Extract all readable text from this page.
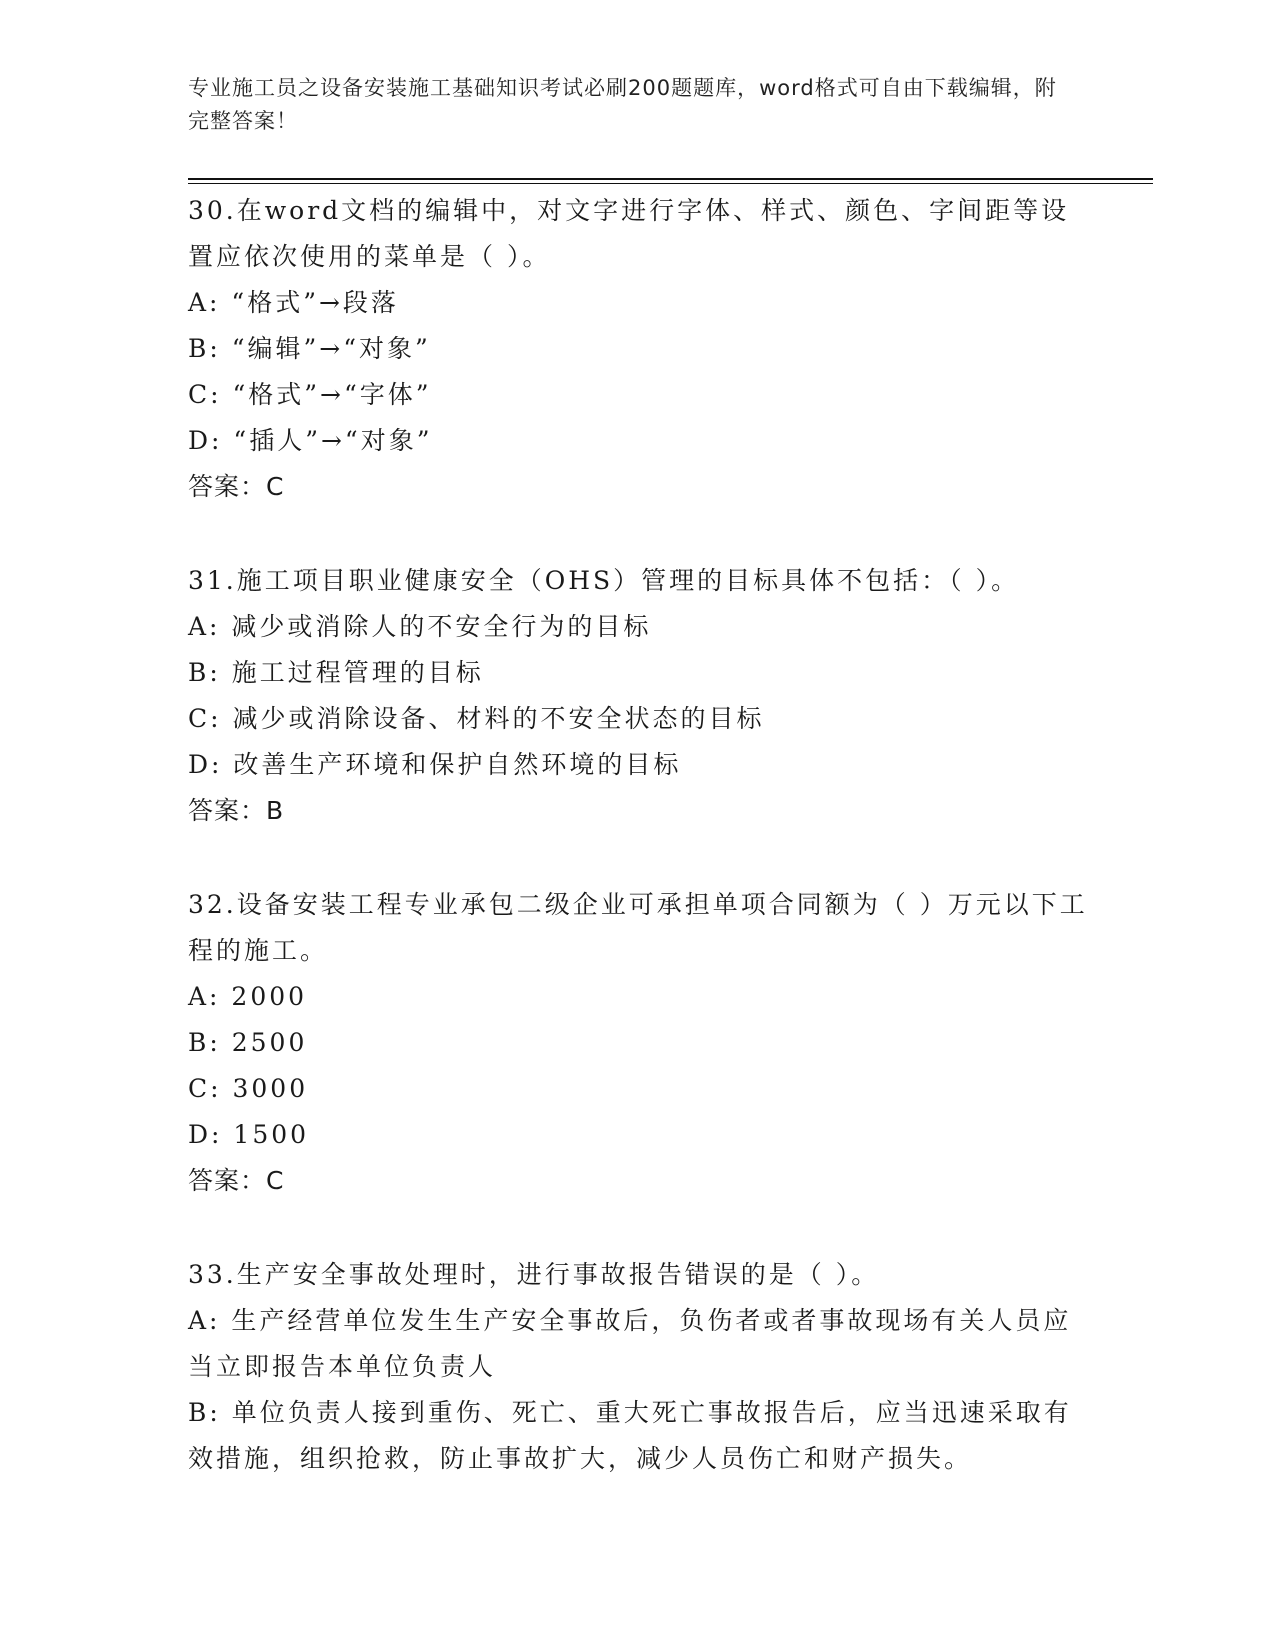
专业施工员之设备安装施工基础知识考试必刷200题题库，word格式可自由下载编辑，附完整答案！

30.在word文档的编辑中，对文字进行字体、样式、颜色、字间距等设置应依次使用的菜单是（ ）。

A: “格式”→段落

B: “编辑”→“对象”

C: “格式”→“字体”

D: “插人”→“对象”

答案：C

31.施工项目职业健康安全（OHS）管理的目标具体不包括：（ ）。

A: 减少或消除人的不安全行为的目标

B: 施工过程管理的目标

C: 减少或消除设备、材料的不安全状态的目标

D: 改善生产环境和保护自然环境的目标

答案：B

32.设备安装工程专业承包二级企业可承担单项合同额为（ ）万元以下工程的施工。

A: 2000

B: 2500

C: 3000

D: 1500

答案：C

33.生产安全事故处理时，进行事故报告错误的是（ ）。

A: 生产经营单位发生生产安全事故后，负伤者或者事故现场有关人员应当立即报告本单位负责人

B: 单位负责人接到重伤、死亡、重大死亡事故报告后，应当迅速采取有效措施，组织抢救，防止事故扩大，减少人员伤亡和财产损失。
